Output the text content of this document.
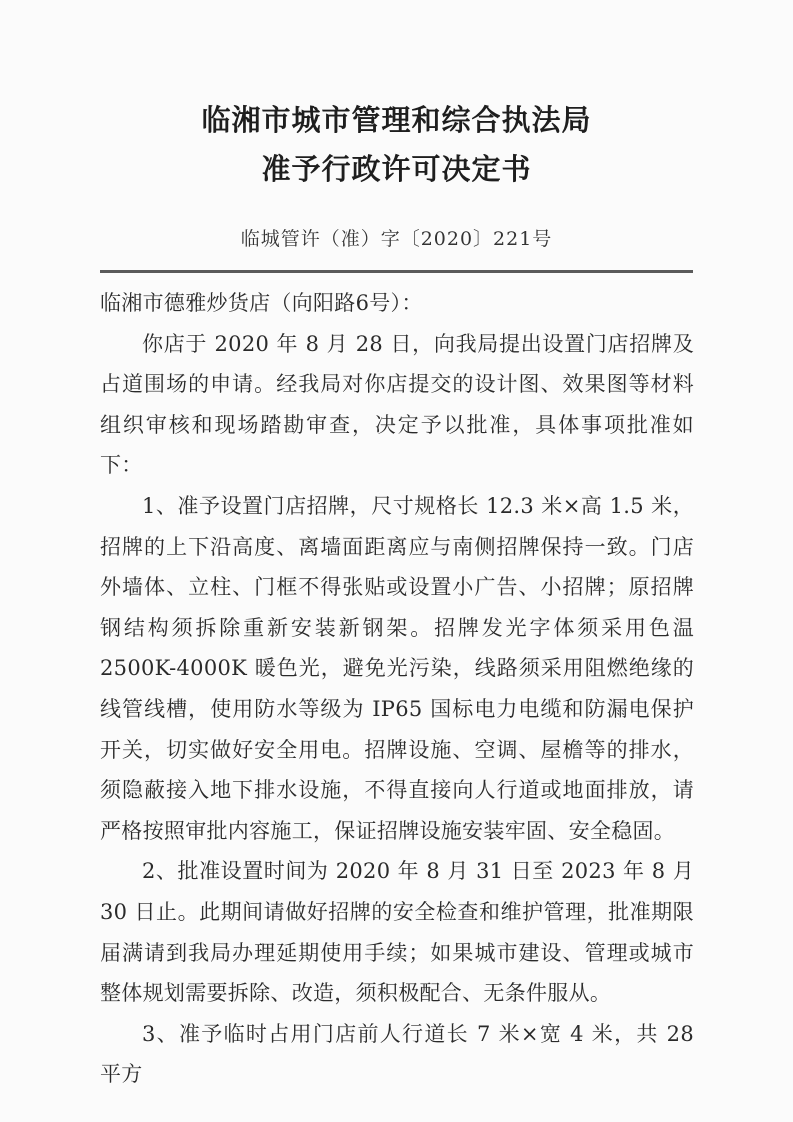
临湘市城市管理和综合执法局
准予行政许可决定书
临城管许（准）字〔2020〕221号

临湘市德雅炒货店（向阳路6号）：

你店于 2020 年 8 月 28 日，向我局提出设置门店招牌及占道围场的申请。经我局对你店提交的设计图、效果图等材料组织审核和现场踏勘审查，决定予以批准，具体事项批准如下：

1、准予设置门店招牌，尺寸规格长 12.3 米×高 1.5 米，招牌的上下沿高度、离墙面距离应与南侧招牌保持一致。门店外墙体、立柱、门框不得张贴或设置小广告、小招牌；原招牌钢结构须拆除重新安装新钢架。招牌发光字体须采用色温 2500K-4000K 暖色光，避免光污染，线路须采用阻燃绝缘的线管线槽，使用防水等级为 IP65 国标电力电缆和防漏电保护开关，切实做好安全用电。招牌设施、空调、屋檐等的排水，须隐蔽接入地下排水设施，不得直接向人行道或地面排放，请严格按照审批内容施工，保证招牌设施安装牢固、安全稳固。

2、批准设置时间为 2020 年 8 月 31 日至 2023 年 8 月 30 日止。此期间请做好招牌的安全检查和维护管理，批准期限届满请到我局办理延期使用手续；如果城市建设、管理或城市整体规划需要拆除、改造，须积极配合、无条件服从。

3、准予临时占用门店前人行道长 7 米×宽 4 米，共 28 平方
